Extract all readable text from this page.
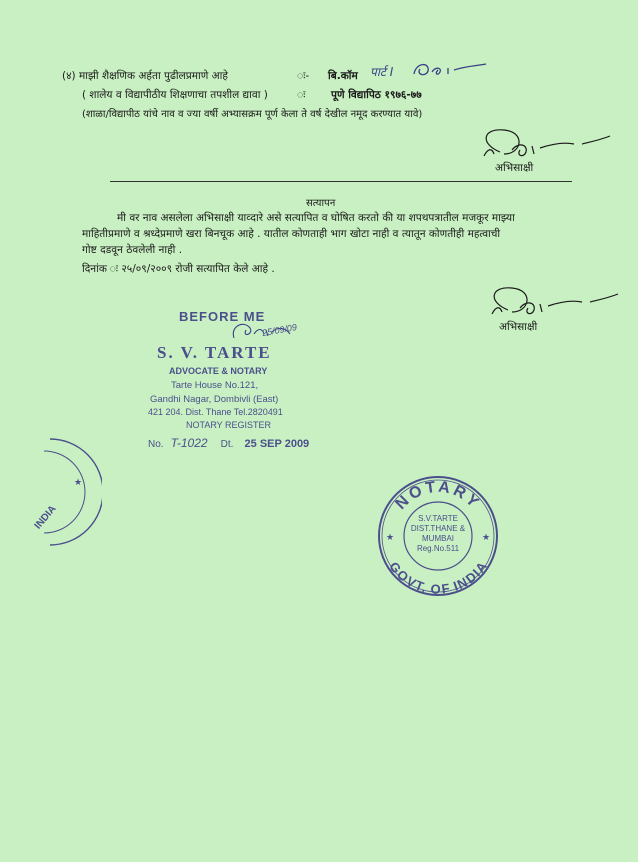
(४) माझी शैक्षणिक अर्हता पुढीलप्रमाणे आहे	ः- बि.कॉम पार्ट I
( शालेय व विद्यापीठीय शिक्षणाचा तपशील द्यावा )	ः पूणे विद्यापिठ १९७६-७७
(शाळा/विद्यापीठ यांचे नाव व ज्या वर्षी अभ्यासक्रम पूर्ण केला ते वर्ष देखील नमूद करण्यात यावे)
अभिसाक्षी
सत्यापन
मी वर नाव असलेला अभिसाक्षी याव्दारे असे सत्यापित व घोषित करतो की या शपथपत्रातील मजकूर माझ्या
माहितीप्रमाणे व श्रध्देप्रमाणे खरा बिनचूक आहे . यातील कोणताही भाग खोटा नाही व त्यातून कोणतीही महत्वाची
गोष्ट दडवून ठेवलेली नाही .
दिनांक ः २५/०९/२००९ रोजी सत्यापित केले आहे .
अभिसाक्षी
BEFORE ME
25/09/09
S. V. TARTE
ADVOCATE & NOTARY
Tarte House No.121,
Gandhi Nagar, Dombivli (East)
421 204. Dist. Thane Tel.2820491
NOTARY REGISTER
No. T-1022 Dt. 25 SEP 2009
★
INDIA
★	★
NOTARY
GOVT. OF INDIA
S.V.TARTE
DIST.THANE &
MUMBAI
Reg.No.511
